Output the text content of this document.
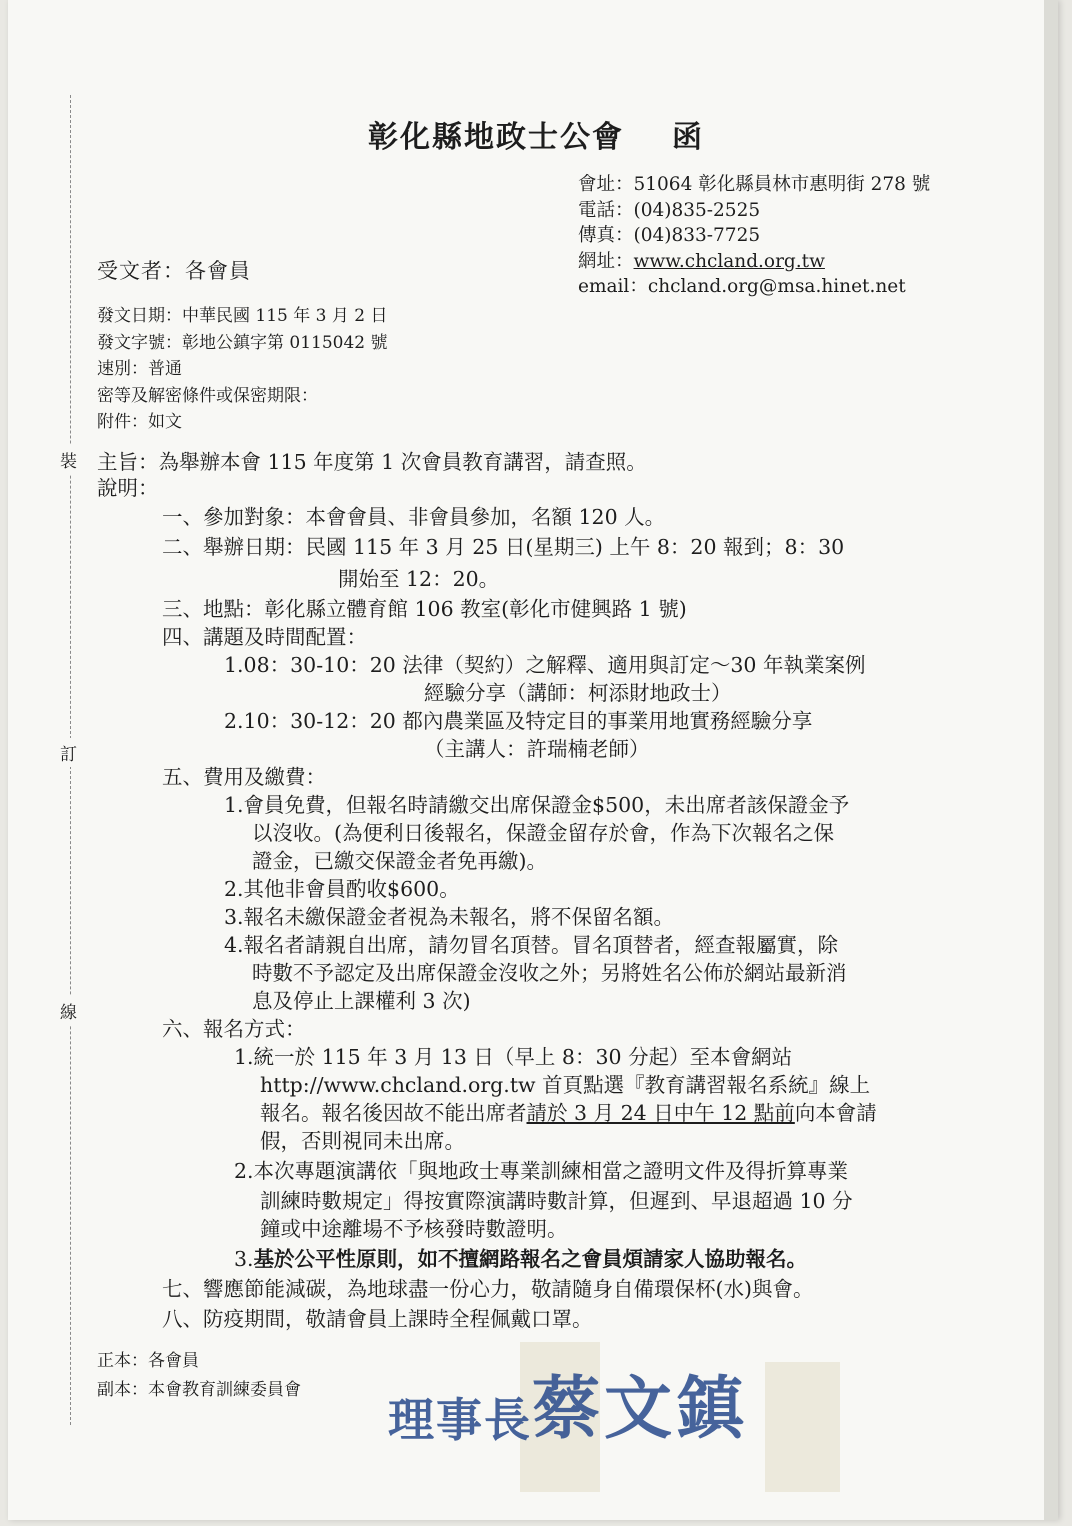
裝
訂
線
彰化縣地政士公會 函
會址：51064 彰化縣員林市惠明街 278 號
電話：(04)835-2525
傳真：(04)833-7725
網址：www.chcland.org.tw
email：chcland.org@msa.hinet.net
受文者：各會員
發文日期：中華民國 115 年 3 月 2 日
發文字號：彰地公鎮字第 0115042 號
速別：普通
密等及解密條件或保密期限：
附件：如文
主旨：為舉辦本會 115 年度第 1 次會員教育講習，請查照。
說明：
一、參加對象：本會會員、非會員參加，名額 120 人。
二、舉辦日期：民國 115 年 3 月 25 日(星期三) 上午 8：20 報到；8：30
開始至 12：20。
三、地點：彰化縣立體育館 106 教室(彰化市健興路 1 號)
四、講題及時間配置：
1.08：30-10：20 法律（契約）之解釋、適用與訂定～30 年執業案例
經驗分享（講師：柯添財地政士）
2.10：30-12：20 都內農業區及特定目的事業用地實務經驗分享
（主講人：許瑞楠老師）
五、費用及繳費：
1.會員免費，但報名時請繳交出席保證金$500，未出席者該保證金予
以沒收。(為便利日後報名，保證金留存於會，作為下次報名之保
證金，已繳交保證金者免再繳)。
2.其他非會員酌收$600。
3.報名未繳保證金者視為未報名，將不保留名額。
4.報名者請親自出席，請勿冒名頂替。冒名頂替者，經查報屬實，除
時數不予認定及出席保證金沒收之外；另將姓名公佈於網站最新消
息及停止上課權利 3 次)
六、報名方式：
1.統一於 115 年 3 月 13 日（早上 8：30 分起）至本會網站
http://www.chcland.org.tw 首頁點選『教育講習報名系統』線上
報名。報名後因故不能出席者請於 3 月 24 日中午 12 點前向本會請
假，否則視同未出席。
2.本次專題演講依「與地政士專業訓練相當之證明文件及得折算專業
訓練時數規定」得按實際演講時數計算，但遲到、早退超過 10 分
鐘或中途離場不予核發時數證明。
3.基於公平性原則，如不擅網路報名之會員煩請家人協助報名。
七、響應節能減碳，為地球盡一份心力，敬請隨身自備環保杯(水)與會。
八、防疫期間，敬請會員上課時全程佩戴口罩。
正本：各會員
副本：本會教育訓練委員會
理事長蔡文鎮
